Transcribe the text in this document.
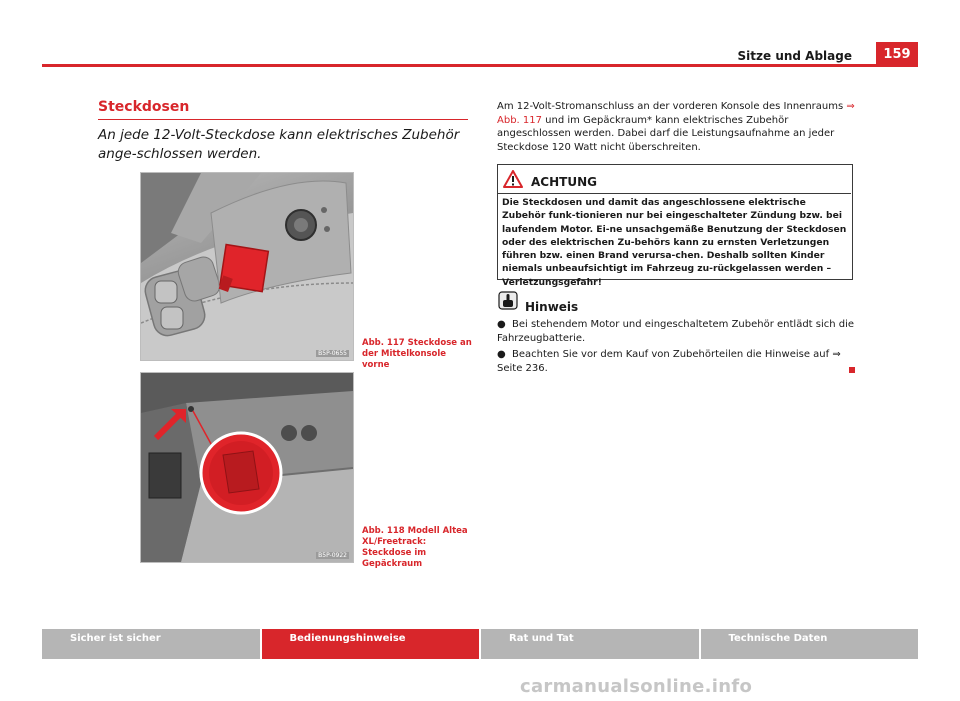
Sitze und Ablage	159
Steckdosen
An jede 12-Volt-Steckdose kann elektrisches Zubehör ange-schlossen werden.
B5P-0655
Abb. 117 Steckdose an der Mittelkonsole vorne
B5P-0922
Abb. 118 Modell Altea XL/Freetrack: Steckdose im Gepäckraum
Am 12-Volt-Stromanschluss an der vorderen Konsole des Innenraums ⇒ Abb. 117 und im Gepäckraum* kann elektrisches Zubehör angeschlossen werden. Dabei darf die Leistungsaufnahme an jeder Steckdose 120 Watt nicht überschreiten.
ACHTUNG
Die Steckdosen und damit das angeschlossene elektrische Zubehör funk-tionieren nur bei eingeschalteter Zündung bzw. bei laufendem Motor. Ei-ne unsachgemäße Benutzung der Steckdosen oder des elektrischen Zu-behörs kann zu ernsten Verletzungen führen bzw. einen Brand verursa-chen. Deshalb sollten Kinder niemals unbeaufsichtigt im Fahrzeug zu-rückgelassen werden – Verletzungsgefahr!
Hinweis
● Bei stehendem Motor und eingeschaltetem Zubehör entlädt sich die Fahrzeugbatterie.
● Beachten Sie vor dem Kauf von Zubehörteilen die Hinweise auf ⇒ Seite 236.
Sicher ist sicher	Bedienungshinweise	Rat und Tat	Technische Daten
carmanualsonline.info
